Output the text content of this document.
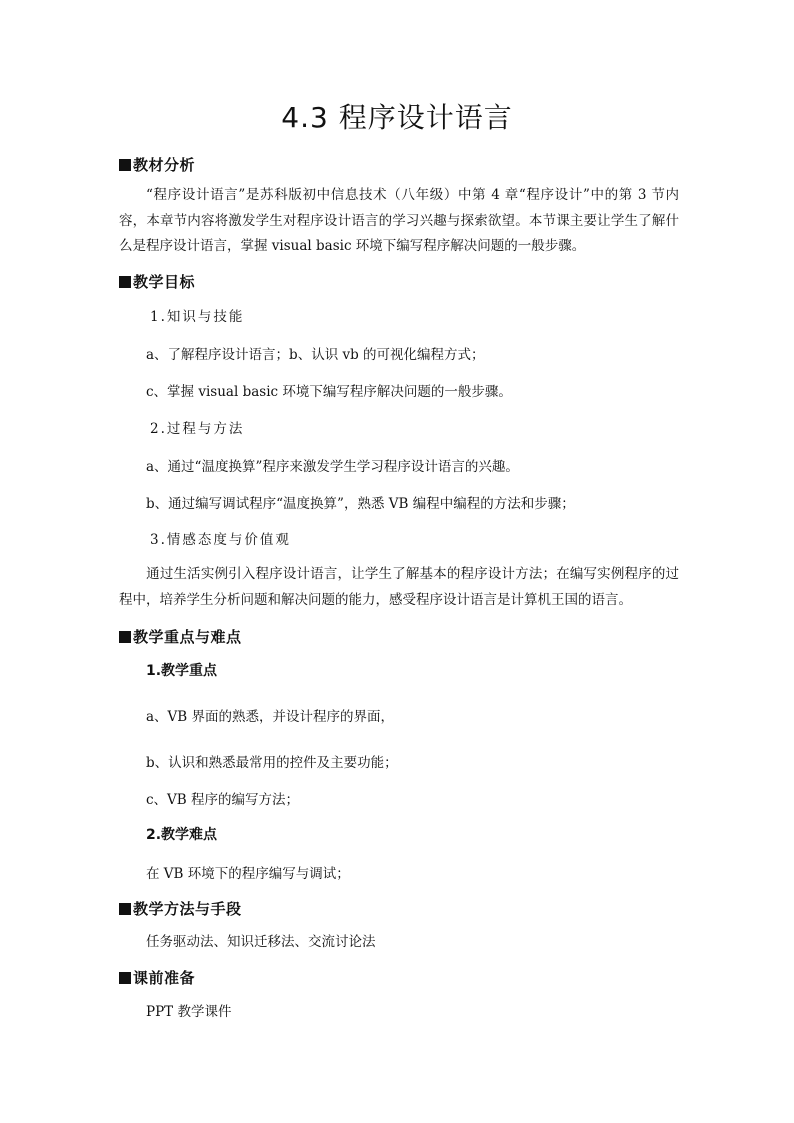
4.3 程序设计语言
教材分析
“程序设计语言”是苏科版初中信息技术（八年级）中第 4 章“程序设计”中的第 3 节内容，本章节内容将激发学生对程序设计语言的学习兴趣与探索欲望。本节课主要让学生了解什么是程序设计语言，掌握 visual basic 环境下编写程序解决问题的一般步骤。
教学目标
1.知识与技能
a、了解程序设计语言；b、认识 vb 的可视化编程方式；
c、掌握 visual basic 环境下编写程序解决问题的一般步骤。
2.过程与方法
a、通过“温度换算”程序来激发学生学习程序设计语言的兴趣。
b、通过编写调试程序“温度换算”，熟悉 VB 编程中编程的方法和步骤；
3.情感态度与价值观
通过生活实例引入程序设计语言，让学生了解基本的程序设计方法；在编写实例程序的过程中，培养学生分析问题和解决问题的能力，感受程序设计语言是计算机王国的语言。
教学重点与难点
1.教学重点
a、VB 界面的熟悉，并设计程序的界面，
b、认识和熟悉最常用的控件及主要功能；
c、VB 程序的编写方法；
2.教学难点
在 VB 环境下的程序编写与调试；
教学方法与手段
任务驱动法、知识迁移法、交流讨论法
课前准备
PPT 教学课件
